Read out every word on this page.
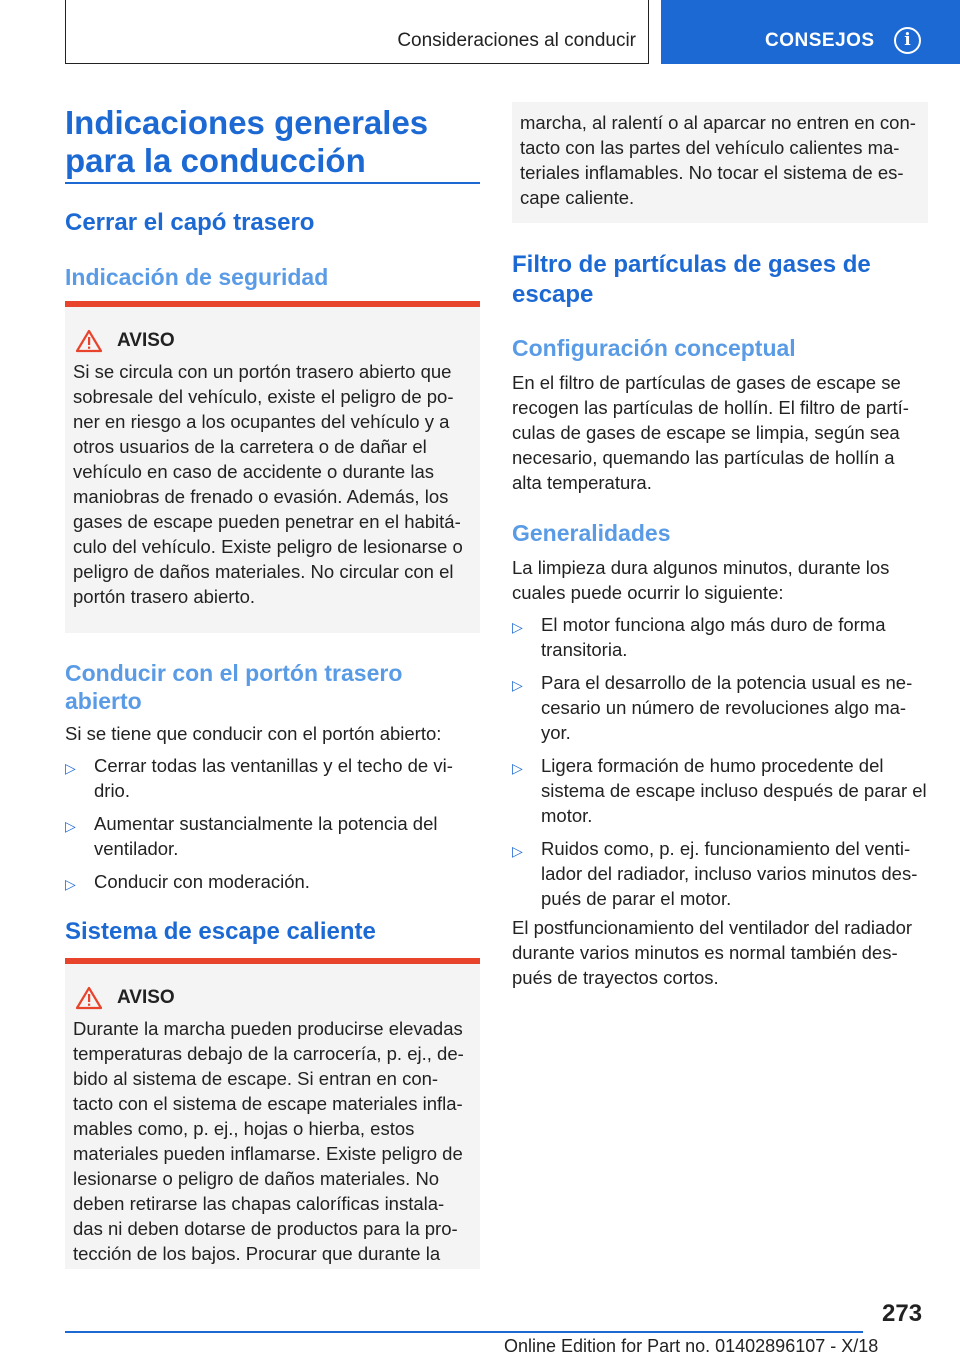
Consideraciones al conducir	CONSEJOS	i
Indicaciones generales para la conducción
Cerrar el capó trasero
Indicación de seguridad
AVISO
Si se circula con un portón trasero abierto que sobresale del vehículo, existe el peligro de po-ner en riesgo a los ocupantes del vehículo y a otros usuarios de la carretera o de dañar el vehículo en caso de accidente o durante las maniobras de frenado o evasión. Además, los gases de escape pueden penetrar en el habitá-culo del vehículo. Existe peligro de lesionarse o peligro de daños materiales. No circular con el portón trasero abierto.
Conducir con el portón trasero abierto
Si se tiene que conducir con el portón abierto:
▷ Cerrar todas las ventanillas y el techo de vi-drio.
▷ Aumentar sustancialmente la potencia del ventilador.
▷ Conducir con moderación.
Sistema de escape caliente
AVISO
Durante la marcha pueden producirse elevadas temperaturas debajo de la carrocería, p. ej., de-bido al sistema de escape. Si entran en con-tacto con el sistema de escape materiales infla-mables como, p. ej., hojas o hierba, estos materiales pueden inflamarse. Existe peligro de lesionarse o peligro de daños materiales. No deben retirarse las chapas caloríficas instala-das ni deben dotarse de productos para la pro-tección de los bajos. Procurar que durante la
marcha, al ralentí o al aparcar no entren en con-tacto con las partes del vehículo calientes ma-teriales inflamables. No tocar el sistema de es-cape caliente.
Filtro de partículas de gases de escape
Configuración conceptual
En el filtro de partículas de gases de escape se recogen las partículas de hollín. El filtro de partí-culas de gases de escape se limpia, según sea necesario, quemando las partículas de hollín a alta temperatura.
Generalidades
La limpieza dura algunos minutos, durante los cuales puede ocurrir lo siguiente:
▷ El motor funciona algo más duro de forma transitoria.
▷ Para el desarrollo de la potencia usual es ne-cesario un número de revoluciones algo ma-yor.
▷ Ligera formación de humo procedente del sistema de escape incluso después de parar el motor.
▷ Ruidos como, p. ej. funcionamiento del venti-lador del radiador, incluso varios minutos des-pués de parar el motor.
El postfuncionamiento del ventilador del radiador durante varios minutos es normal también des-pués de trayectos cortos.
273
Online Edition for Part no. 01402896107 - X/18
